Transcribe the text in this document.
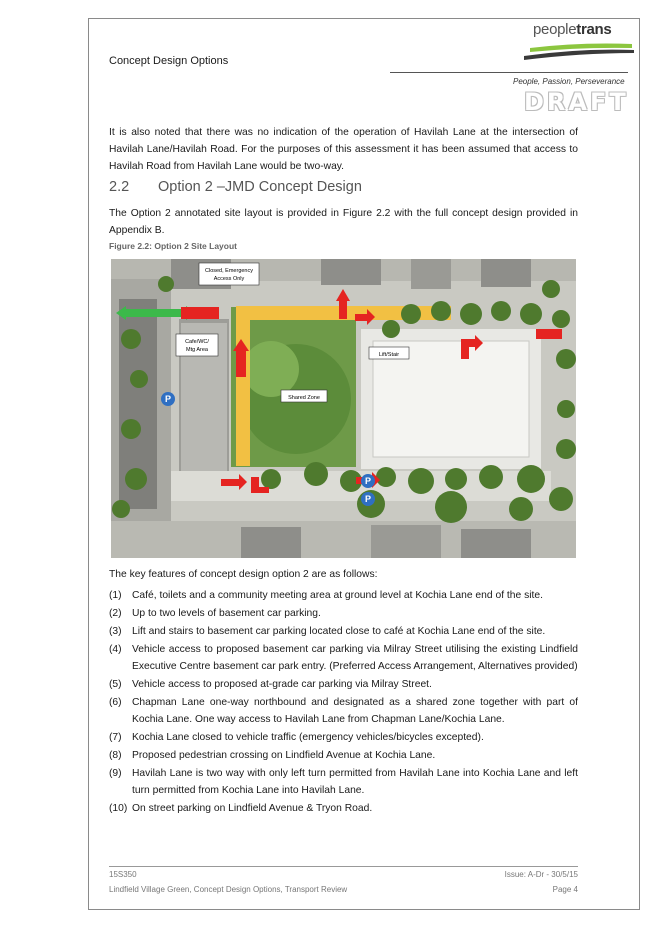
Concept Design Options
peopletrans
People, Passion, Perseverance
DRAFT
It is also noted that there was no indication of the operation of Havilah Lane at the intersection of Havilah Lane/Havilah Road. For the purposes of this assessment it has been assumed that access to Havilah Road from Havilah Lane would be two-way.
2.2 Option 2 –JMD Concept Design
The Option 2 annotated site layout is provided in Figure 2.2 with the full concept design provided in Appendix B.
Figure 2.2: Option 2 Site Layout
P
P
P
Closed, Emergency
Access Only
Cafe/WC/
Mtg Area
Shared Zone
Lift/Stair
The key features of concept design option 2 are as follows:
(1) Café, toilets and a community meeting area at ground level at Kochia Lane end of the site.
(2) Up to two levels of basement car parking.
(3) Lift and stairs to basement car parking located close to café at Kochia Lane end of the site.
(4) Vehicle access to proposed basement car parking via Milray Street utilising the existing Lindfield Executive Centre basement car park entry. (Preferred Access Arrangement, Alternatives provided)
(5) Vehicle access to proposed at-grade car parking via Milray Street.
(6) Chapman Lane one-way northbound and designated as a shared zone together with part of Kochia Lane. One way access to Havilah Lane from Chapman Lane/Kochia Lane.
(7) Kochia Lane closed to vehicle traffic (emergency vehicles/bicycles excepted).
(8) Proposed pedestrian crossing on Lindfield Avenue at Kochia Lane.
(9) Havilah Lane is two way with only left turn permitted from Havilah Lane into Kochia Lane and left turn permitted from Kochia Lane into Havilah Lane.
(10) On street parking on Lindfield Avenue & Tryon Road.
15S350	Issue: A-Dr - 30/5/15
Lindfield Village Green, Concept Design Options, Transport Review	Page 4
